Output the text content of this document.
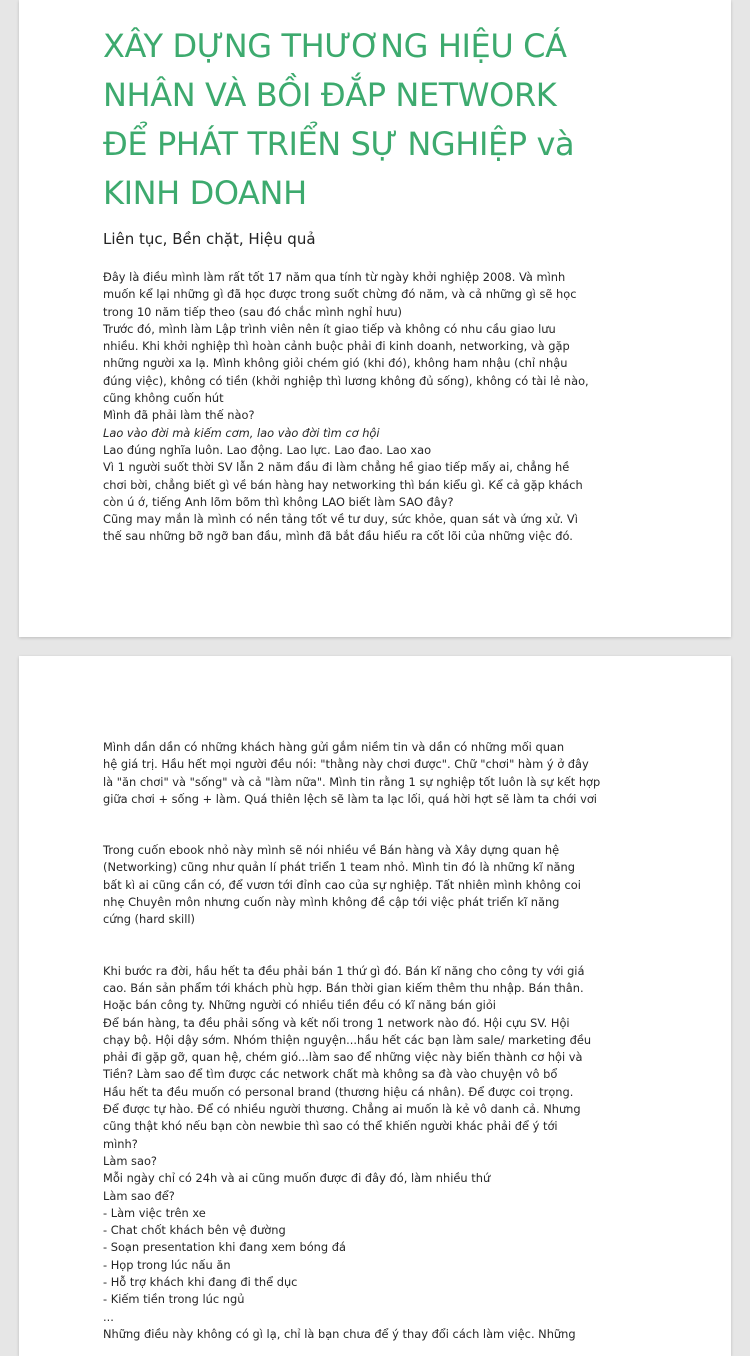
XÂY DỰNG THƯƠNG HIỆU CÁ
NHÂN VÀ BỒI ĐẮP NETWORK
ĐỂ PHÁT TRIỂN SỰ NGHIỆP và
KINH DOANH
Liên tục, Bền chặt, Hiệu quả
Đây là điều mình làm rất tốt 17 năm qua tính từ ngày khởi nghiệp 2008. Và mình
muốn kể lại những gì đã học được trong suốt chừng đó năm, và cả những gì sẽ học
trong 10 năm tiếp theo (sau đó chắc mình nghỉ hưu)
Trước đó, mình làm Lập trình viên nên ít giao tiếp và không có nhu cầu giao lưu
nhiều. Khi khởi nghiệp thì hoàn cảnh buộc phải đi kinh doanh, networking, và gặp
những người xa lạ. Mình không giỏi chém gió (khi đó), không ham nhậu (chỉ nhậu
đúng việc), không có tiền (khởi nghiệp thì lương không đủ sống), không có tài lẻ nào,
cũng không cuốn hút
Mình đã phải làm thế nào?
Lao vào đời mà kiếm cơm, lao vào đời tìm cơ hội
Lao đúng nghĩa luôn. Lao động. Lao lực. Lao đao. Lao xao
Vì 1 người suốt thời SV lẫn 2 năm đầu đi làm chẳng hề giao tiếp mấy ai, chẳng hề
chơi bời, chẳng biết gì về bán hàng hay networking thì bán kiểu gì. Kể cả gặp khách
còn ú ớ, tiếng Anh lõm bõm thì không LAO biết làm SAO đây?
Cũng may mắn là mình có nền tảng tốt về tư duy, sức khỏe, quan sát và ứng xử. Vì
thế sau những bỡ ngỡ ban đầu, mình đã bắt đầu hiểu ra cốt lõi của những việc đó.
Mình dần dần có những khách hàng gửi gắm niềm tin và dần có những mối quan
hệ giá trị. Hầu hết mọi người đều nói: "thằng này chơi được". Chữ "chơi" hàm ý ở đây
là "ăn chơi" và "sống" và cả "làm nữa". Mình tin rằng 1 sự nghiệp tốt luôn là sự kết hợp
giữa chơi + sống + làm. Quá thiên lệch sẽ làm ta lạc lối, quá hời hợt sẽ làm ta chới vơi
Trong cuốn ebook nhỏ này mình sẽ nói nhiều về Bán hàng và Xây dựng quan hệ
(Networking) cũng như quản lí phát triển 1 team nhỏ. Mình tin đó là những kĩ năng
bất kì ai cũng cần có, để vươn tới đỉnh cao của sự nghiệp. Tất nhiên mình không coi
nhẹ Chuyên môn nhưng cuốn này mình không đề cập tới việc phát triển kĩ năng
cứng (hard skill)
Khi bước ra đời, hầu hết ta đều phải bán 1 thứ gì đó. Bán kĩ năng cho công ty với giá
cao. Bán sản phẩm tới khách phù hợp. Bán thời gian kiếm thêm thu nhập. Bán thân.
Hoặc bán công ty. Những người có nhiều tiền đều có kĩ năng bán giỏi
Để bán hàng, ta đều phải sống và kết nối trong 1 network nào đó. Hội cựu SV. Hội
chạy bộ. Hội dậy sớm. Nhóm thiện nguyện...hầu hết các bạn làm sale/ marketing đều
phải đi gặp gỡ, quan hệ, chém gió...làm sao để những việc này biến thành cơ hội và
Tiền? Làm sao để tìm được các network chất mà không sa đà vào chuyện vô bổ
Hầu hết ta đều muốn có personal brand (thương hiệu cá nhân). Để được coi trọng.
Để được tự hào. Để có nhiều người thương. Chẳng ai muốn là kẻ vô danh cả. Nhưng
cũng thật khó nếu bạn còn newbie thì sao có thể khiến người khác phải để ý tới
mình?
Làm sao?
Mỗi ngày chỉ có 24h và ai cũng muốn được đi đây đó, làm nhiều thứ
Làm sao để?
- Làm việc trên xe
- Chat chốt khách bên vệ đường
- Soạn presentation khi đang xem bóng đá
- Họp trong lúc nấu ăn
- Hỗ trợ khách khi đang đi thể dục
- Kiếm tiền trong lúc ngủ
...
Những điều này không có gì lạ, chỉ là bạn chưa để ý thay đổi cách làm việc. Những
